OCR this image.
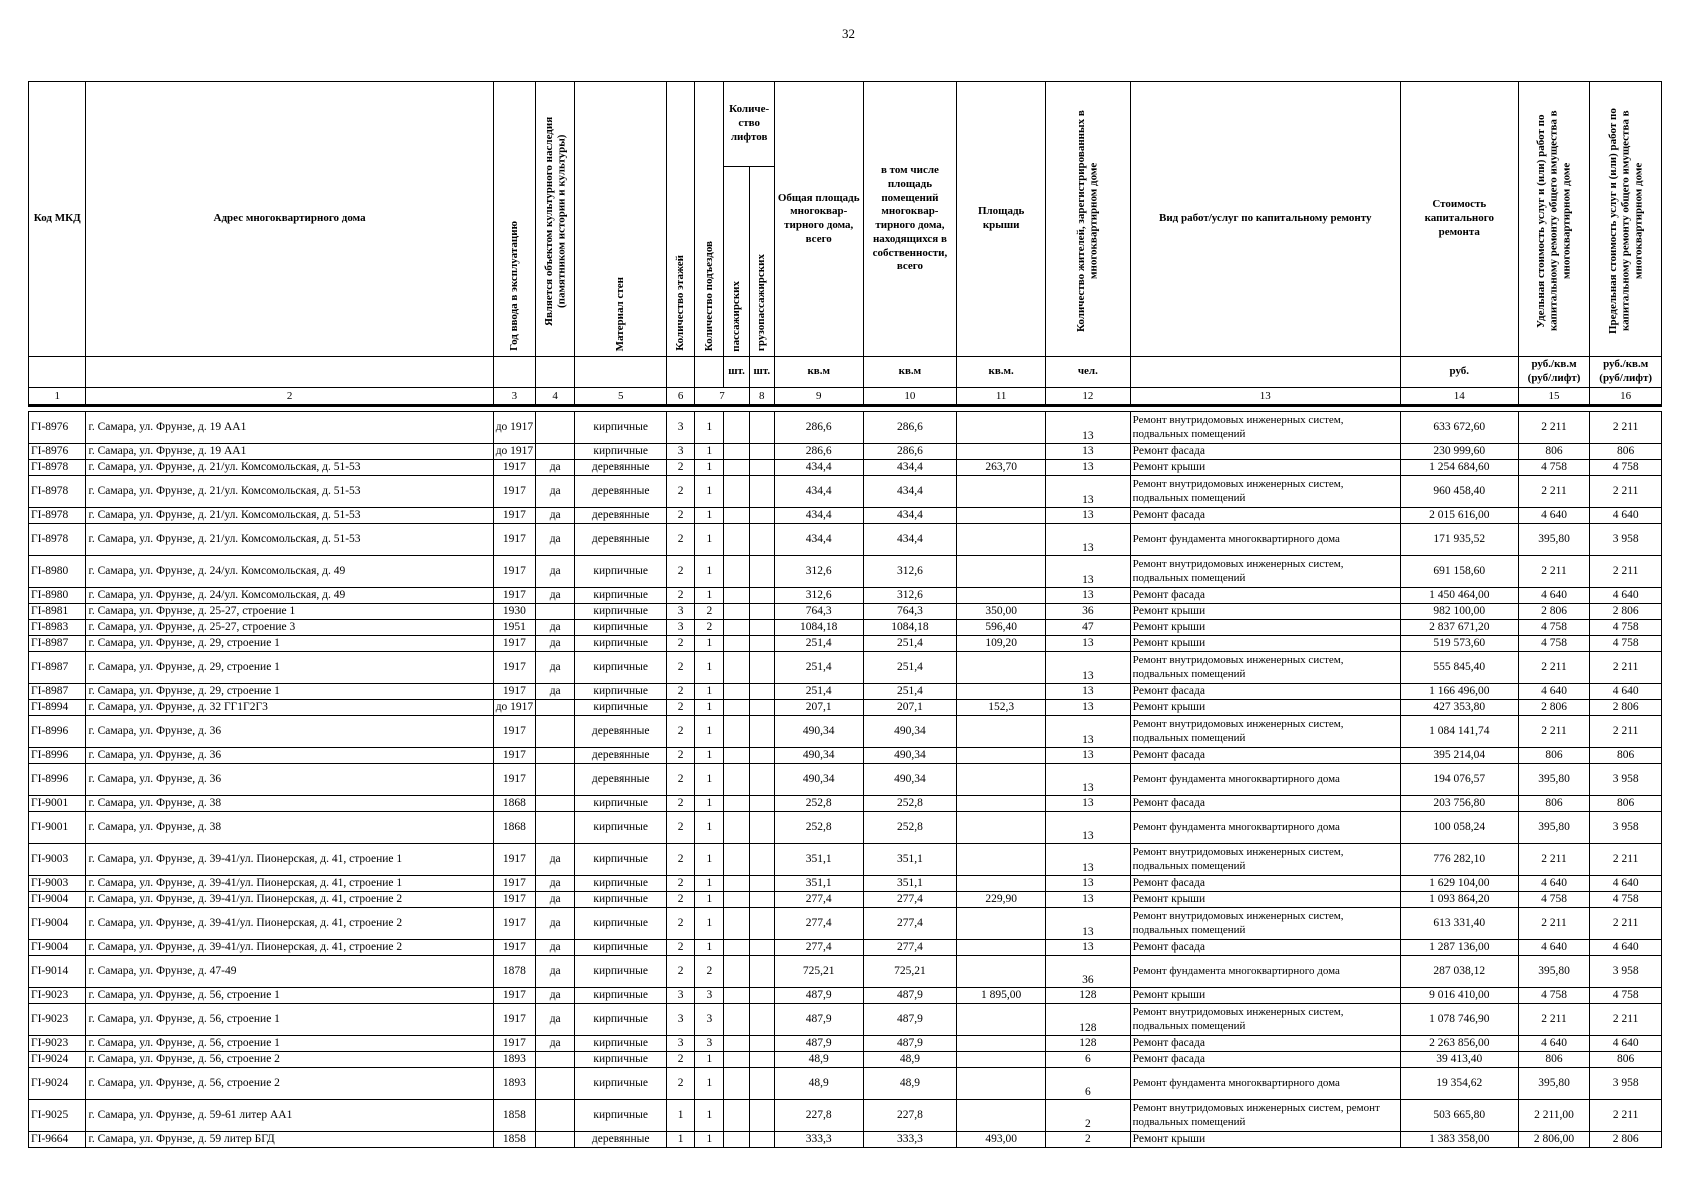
32
Код МКД	Адрес многоквартирного дома	Год ввода в эксплуатацию	Является объектом культурного наследия (памятником истории и культуры)	Материал стен	Количество этажей	Количество подъездов	Количе-ство лифтов		Общая площадь многоквар-тирного дома, всего	в том числе площадь помещений многоквар-тирного дома, находящихся в собственности, всего	Площадь крыши	Количество жителей, зарегистрированных в многоквартирном доме	Вид работ/услуг по капитальному ремонту	Стоимость капитального ремонта	Удельная стоимость услуг и (или) работ по капитальному ремонту общего имущества в многоквартирном доме	Предельная стоимость услуг и (или) работ по капитальному ремонту общего имущества в многоквартирном доме
							пассажирских	грузопассажирских								
							шт.	шт.	кв.м	кв.м	кв.м.	чел.		руб.	руб./кв.м (руб/лифт)	руб./кв.м (руб/лифт)
1	2	3	4	5	6	7		8	9	10	11	12	13	14	15	16

ГI-8976	г. Самара, ул. Фрунзе, д. 19 АА1	до 1917		кирпичные	3	1			286,6	286,6		13	Ремонт внутридомовых инженерных систем, подвальных помещений	633 672,60	2 211	2 211
ГI-8976	г. Самара, ул. Фрунзе, д. 19 АА1	до 1917		кирпичные	3	1			286,6	286,6		13	Ремонт фасада	230 999,60	806	806
ГI-8978	г. Самара, ул. Фрунзе, д. 21/ул. Комсомольская, д. 51-53	1917	да	деревянные	2	1			434,4	434,4	263,70	13	Ремонт крыши	1 254 684,60	4 758	4 758
ГI-8978	г. Самара, ул. Фрунзе, д. 21/ул. Комсомольская, д. 51-53	1917	да	деревянные	2	1			434,4	434,4		13	Ремонт внутридомовых инженерных систем, подвальных помещений	960 458,40	2 211	2 211
ГI-8978	г. Самара, ул. Фрунзе, д. 21/ул. Комсомольская, д. 51-53	1917	да	деревянные	2	1			434,4	434,4		13	Ремонт фасада	2 015 616,00	4 640	4 640
ГI-8978	г. Самара, ул. Фрунзе, д. 21/ул. Комсомольская, д. 51-53	1917	да	деревянные	2	1			434,4	434,4		13	Ремонт фундамента многоквартирного дома	171 935,52	395,80	3 958
ГI-8980	г. Самара, ул. Фрунзе, д. 24/ул. Комсомольская, д. 49	1917	да	кирпичные	2	1			312,6	312,6		13	Ремонт внутридомовых инженерных систем, подвальных помещений	691 158,60	2 211	2 211
ГI-8980	г. Самара, ул. Фрунзе, д. 24/ул. Комсомольская, д. 49	1917	да	кирпичные	2	1			312,6	312,6		13	Ремонт фасада	1 450 464,00	4 640	4 640
ГI-8981	г. Самара, ул. Фрунзе, д. 25-27, строение 1	1930		кирпичные	3	2			764,3	764,3	350,00	36	Ремонт крыши	982 100,00	2 806	2 806
ГI-8983	г. Самара, ул. Фрунзе, д. 25-27, строение 3	1951	да	кирпичные	3	2			1084,18	1084,18	596,40	47	Ремонт крыши	2 837 671,20	4 758	4 758
ГI-8987	г. Самара, ул. Фрунзе, д. 29, строение 1	1917	да	кирпичные	2	1			251,4	251,4	109,20	13	Ремонт крыши	519 573,60	4 758	4 758
ГI-8987	г. Самара, ул. Фрунзе, д. 29, строение 1	1917	да	кирпичные	2	1			251,4	251,4		13	Ремонт внутридомовых инженерных систем, подвальных помещений	555 845,40	2 211	2 211
ГI-8987	г. Самара, ул. Фрунзе, д. 29, строение 1	1917	да	кирпичные	2	1			251,4	251,4		13	Ремонт фасада	1 166 496,00	4 640	4 640
ГI-8994	г. Самара, ул. Фрунзе, д. 32 ГГ1Г2Г3	до 1917		кирпичные	2	1			207,1	207,1	152,3	13	Ремонт крыши	427 353,80	2 806	2 806
ГI-8996	г. Самара, ул. Фрунзе, д. 36	1917		деревянные	2	1			490,34	490,34		13	Ремонт внутридомовых инженерных систем, подвальных помещений	1 084 141,74	2 211	2 211
ГI-8996	г. Самара, ул. Фрунзе, д. 36	1917		деревянные	2	1			490,34	490,34		13	Ремонт фасада	395 214,04	806	806
ГI-8996	г. Самара, ул. Фрунзе, д. 36	1917		деревянные	2	1			490,34	490,34		13	Ремонт фундамента многоквартирного дома	194 076,57	395,80	3 958
ГI-9001	г. Самара, ул. Фрунзе, д. 38	1868		кирпичные	2	1			252,8	252,8		13	Ремонт фасада	203 756,80	806	806
ГI-9001	г. Самара, ул. Фрунзе, д. 38	1868		кирпичные	2	1			252,8	252,8		13	Ремонт фундамента многоквартирного дома	100 058,24	395,80	3 958
ГI-9003	г. Самара, ул. Фрунзе, д. 39-41/ул. Пионерская, д. 41, строение 1	1917	да	кирпичные	2	1			351,1	351,1		13	Ремонт внутридомовых инженерных систем, подвальных помещений	776 282,10	2 211	2 211
ГI-9003	г. Самара, ул. Фрунзе, д. 39-41/ул. Пионерская, д. 41, строение 1	1917	да	кирпичные	2	1			351,1	351,1		13	Ремонт фасада	1 629 104,00	4 640	4 640
ГI-9004	г. Самара, ул. Фрунзе, д. 39-41/ул. Пионерская, д. 41, строение 2	1917	да	кирпичные	2	1			277,4	277,4	229,90	13	Ремонт крыши	1 093 864,20	4 758	4 758
ГI-9004	г. Самара, ул. Фрунзе, д. 39-41/ул. Пионерская, д. 41, строение 2	1917	да	кирпичные	2	1			277,4	277,4		13	Ремонт внутридомовых инженерных систем, подвальных помещений	613 331,40	2 211	2 211
ГI-9004	г. Самара, ул. Фрунзе, д. 39-41/ул. Пионерская, д. 41, строение 2	1917	да	кирпичные	2	1			277,4	277,4		13	Ремонт фасада	1 287 136,00	4 640	4 640
ГI-9014	г. Самара, ул. Фрунзе, д. 47-49	1878	да	кирпичные	2	2			725,21	725,21		36	Ремонт фундамента многоквартирного дома	287 038,12	395,80	3 958
ГI-9023	г. Самара, ул. Фрунзе, д. 56, строение 1	1917	да	кирпичные	3	3			487,9	487,9	1 895,00	128	Ремонт крыши	9 016 410,00	4 758	4 758
ГI-9023	г. Самара, ул. Фрунзе, д. 56, строение 1	1917	да	кирпичные	3	3			487,9	487,9		128	Ремонт внутридомовых инженерных систем, подвальных помещений	1 078 746,90	2 211	2 211
ГI-9023	г. Самара, ул. Фрунзе, д. 56, строение 1	1917	да	кирпичные	3	3			487,9	487,9		128	Ремонт фасада	2 263 856,00	4 640	4 640
ГI-9024	г. Самара, ул. Фрунзе, д. 56, строение 2	1893		кирпичные	2	1			48,9	48,9		6	Ремонт фасада	39 413,40	806	806
ГI-9024	г. Самара, ул. Фрунзе, д. 56, строение 2	1893		кирпичные	2	1			48,9	48,9		6	Ремонт фундамента многоквартирного дома	19 354,62	395,80	3 958
ГI-9025	г. Самара, ул. Фрунзе, д. 59-61 литер АА1	1858		кирпичные	1	1			227,8	227,8		2	Ремонт внутридомовых инженерных систем, ремонт подвальных помещений	503 665,80	2 211,00	2 211
ГI-9664	г. Самара, ул. Фрунзе, д. 59 литер БГД	1858		деревянные	1	1			333,3	333,3	493,00	2	Ремонт крыши	1 383 358,00	2 806,00	2 806
